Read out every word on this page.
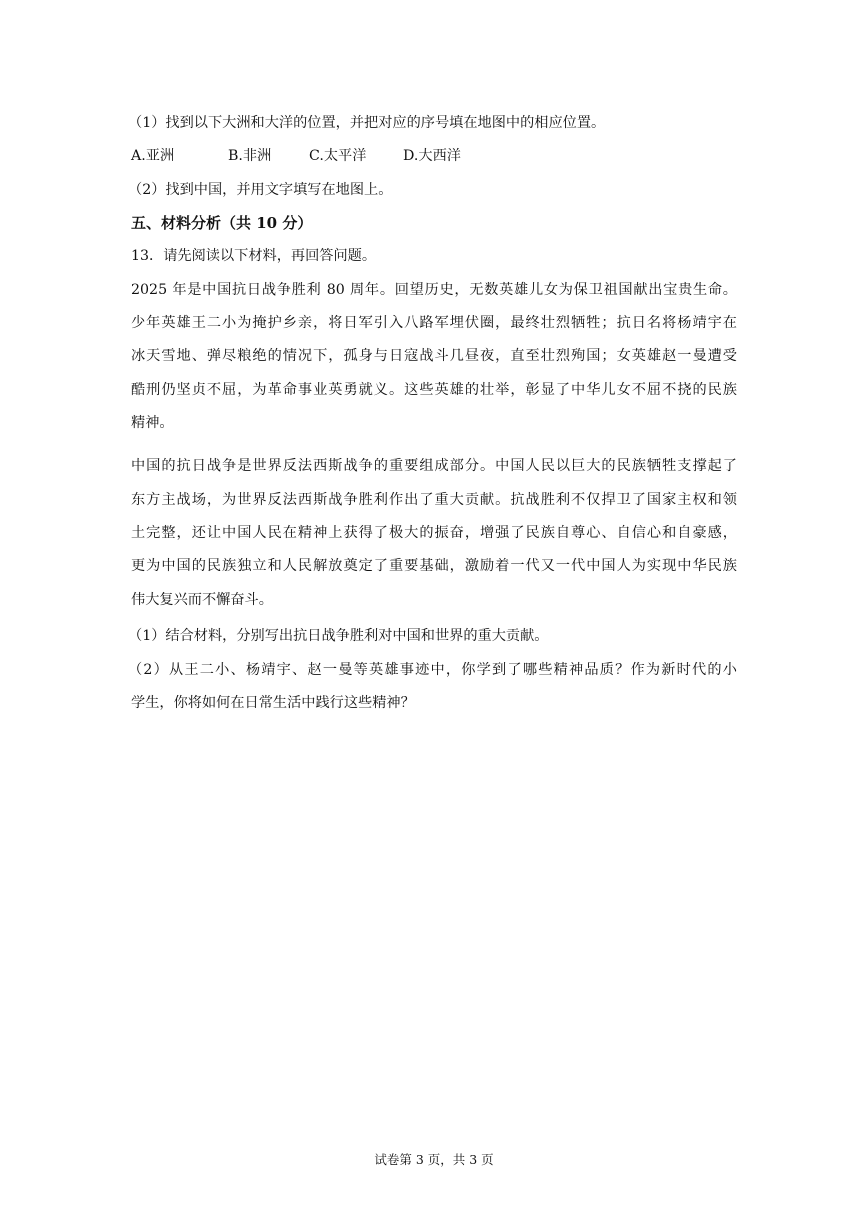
（1）找到以下大洲和大洋的位置，并把对应的序号填在地图中的相应位置。
A.亚洲	B.非洲	C.太平洋	D.大西洋
（2）找到中国，并用文字填写在地图上。
五、材料分析（共 10 分）
13．请先阅读以下材料，再回答问题。
2025 年是中国抗日战争胜利 80 周年。回望历史，无数英雄儿女为保卫祖国献出宝贵生命。
少年英雄王二小为掩护乡亲，将日军引入八路军埋伏圈，最终壮烈牺牲；抗日名将杨靖宇在
冰天雪地、弹尽粮绝的情况下，孤身与日寇战斗几昼夜，直至壮烈殉国；女英雄赵一曼遭受
酷刑仍坚贞不屈，为革命事业英勇就义。这些英雄的壮举，彰显了中华儿女不屈不挠的民族
精神。
中国的抗日战争是世界反法西斯战争的重要组成部分。中国人民以巨大的民族牺牲支撑起了
东方主战场，为世界反法西斯战争胜利作出了重大贡献。抗战胜利不仅捍卫了国家主权和领
土完整，还让中国人民在精神上获得了极大的振奋，增强了民族自尊心、自信心和自豪感，
更为中国的民族独立和人民解放奠定了重要基础，激励着一代又一代中国人为实现中华民族
伟大复兴而不懈奋斗。
（1）结合材料，分别写出抗日战争胜利对中国和世界的重大贡献。
（2）从王二小、杨靖宇、赵一曼等英雄事迹中，你学到了哪些精神品质？作为新时代的小
学生，你将如何在日常生活中践行这些精神？
试卷第 3 页，共 3 页
